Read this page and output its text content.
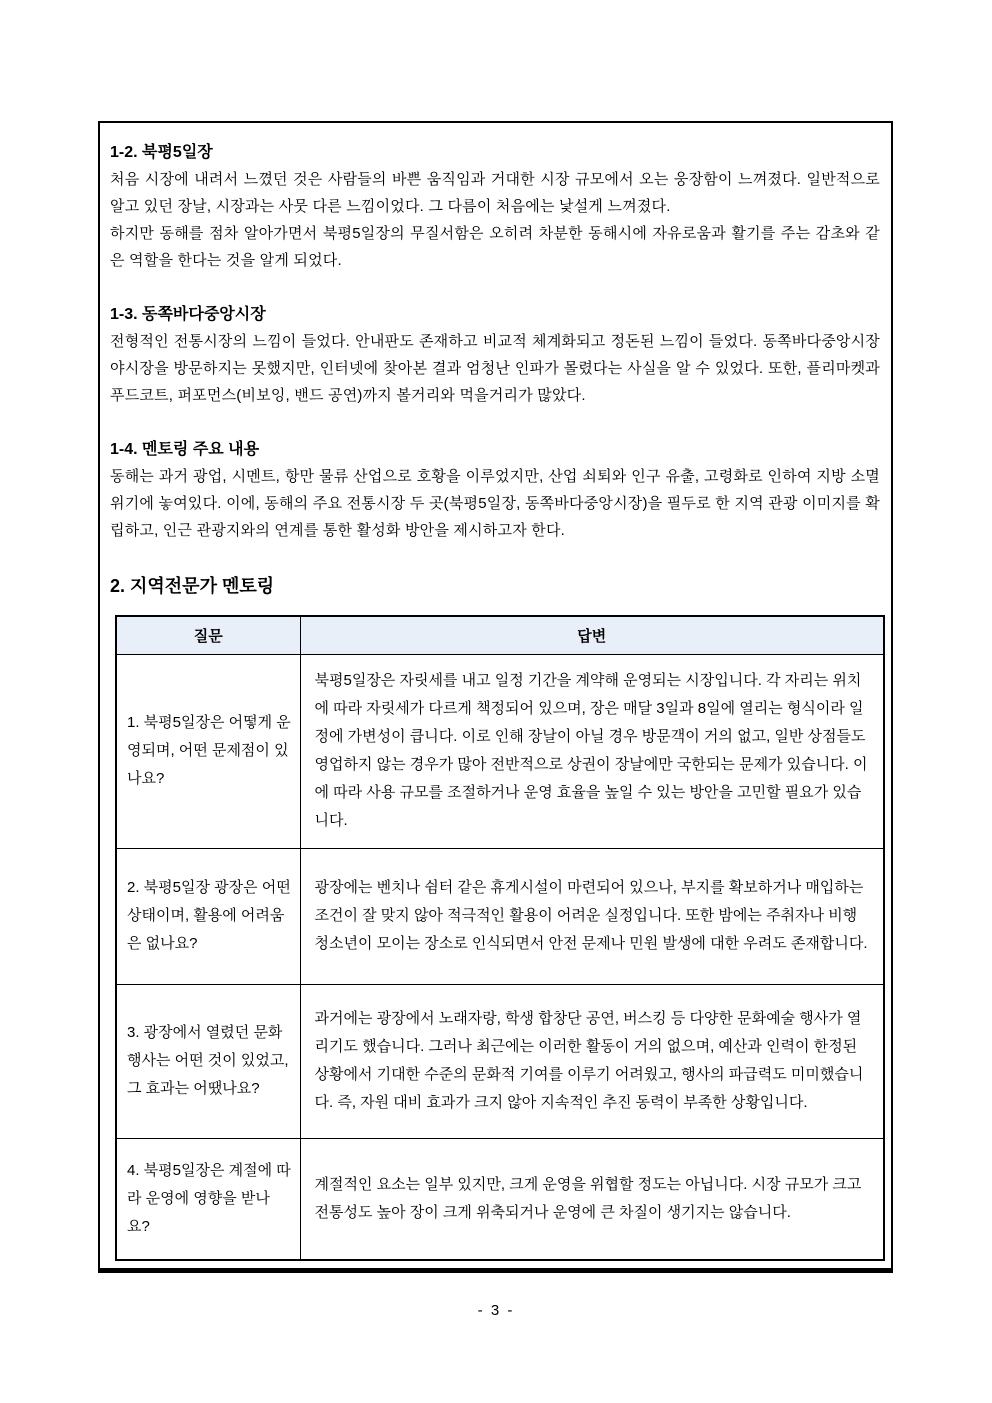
1-2. 북평5일장

처음 시장에 내려서 느꼈던 것은 사람들의 바쁜 움직임과 거대한 시장 규모에서 오는 웅장함이 느껴졌다. 일반적으로 알고 있던 장날, 시장과는 사뭇 다른 느낌이었다. 그 다름이 처음에는 낯설게 느껴졌다.

하지만 동해를 점차 알아가면서 북평5일장의 무질서함은 오히려 차분한 동해시에 자유로움과 활기를 주는 감초와 같은 역할을 한다는 것을 알게 되었다.

1-3. 동쪽바다중앙시장

전형적인 전통시장의 느낌이 들었다. 안내판도 존재하고 비교적 체계화되고 정돈된 느낌이 들었다. 동쪽바다중앙시장 야시장을 방문하지는 못했지만, 인터넷에 찾아본 결과 엄청난 인파가 몰렸다는 사실을 알 수 있었다. 또한, 플리마켓과 푸드코트, 퍼포먼스(비보잉, 밴드 공연)까지 볼거리와 먹을거리가 많았다.

1-4. 멘토링 주요 내용

동해는 과거 광업, 시멘트, 항만 물류 산업으로 호황을 이루었지만, 산업 쇠퇴와 인구 유출, 고령화로 인하여 지방 소멸 위기에 놓여있다. 이에, 동해의 주요 전통시장 두 곳(북평5일장, 동쪽바다중앙시장)을 필두로 한 지역 관광 이미지를 확립하고, 인근 관광지와의 연계를 통한 활성화 방안을 제시하고자 한다.

2. 지역전문가 멘토링
질문	답변
1. 북평5일장은 어떻게 운영되며, 어떤 문제점이 있나요?	북평5일장은 자릿세를 내고 일정 기간을 계약해 운영되는 시장입니다. 각 자리는 위치에 따라 자릿세가 다르게 책정되어 있으며, 장은 매달 3일과 8일에 열리는 형식이라 일정에 가변성이 큽니다. 이로 인해 장날이 아닐 경우 방문객이 거의 없고, 일반 상점들도 영업하지 않는 경우가 많아 전반적으로 상권이 장날에만 국한되는 문제가 있습니다. 이에 따라 사용 규모를 조절하거나 운영 효율을 높일 수 있는 방안을 고민할 필요가 있습니다.
2. 북평5일장 광장은 어떤 상태이며, 활용에 어려움은 없나요?	광장에는 벤치나 쉼터 같은 휴게시설이 마련되어 있으나, 부지를 확보하거나 매입하는 조건이 잘 맞지 않아 적극적인 활용이 어려운 실정입니다. 또한 밤에는 주취자나 비행 청소년이 모이는 장소로 인식되면서 안전 문제나 민원 발생에 대한 우려도 존재합니다.
3. 광장에서 열렸던 문화 행사는 어떤 것이 있었고, 그 효과는 어땠나요?	과거에는 광장에서 노래자랑, 학생 합창단 공연, 버스킹 등 다양한 문화예술 행사가 열리기도 했습니다. 그러나 최근에는 이러한 활동이 거의 없으며, 예산과 인력이 한정된 상황에서 기대한 수준의 문화적 기여를 이루기 어려웠고, 행사의 파급력도 미미했습니다. 즉, 자원 대비 효과가 크지 않아 지속적인 추진 동력이 부족한 상황입니다.
4. 북평5일장은 계절에 따라 운영에 영향을 받나요?	계절적인 요소는 일부 있지만, 크게 운영을 위협할 정도는 아닙니다. 시장 규모가 크고 전통성도 높아 장이 크게 위축되거나 운영에 큰 차질이 생기지는 않습니다.
- 3 -
